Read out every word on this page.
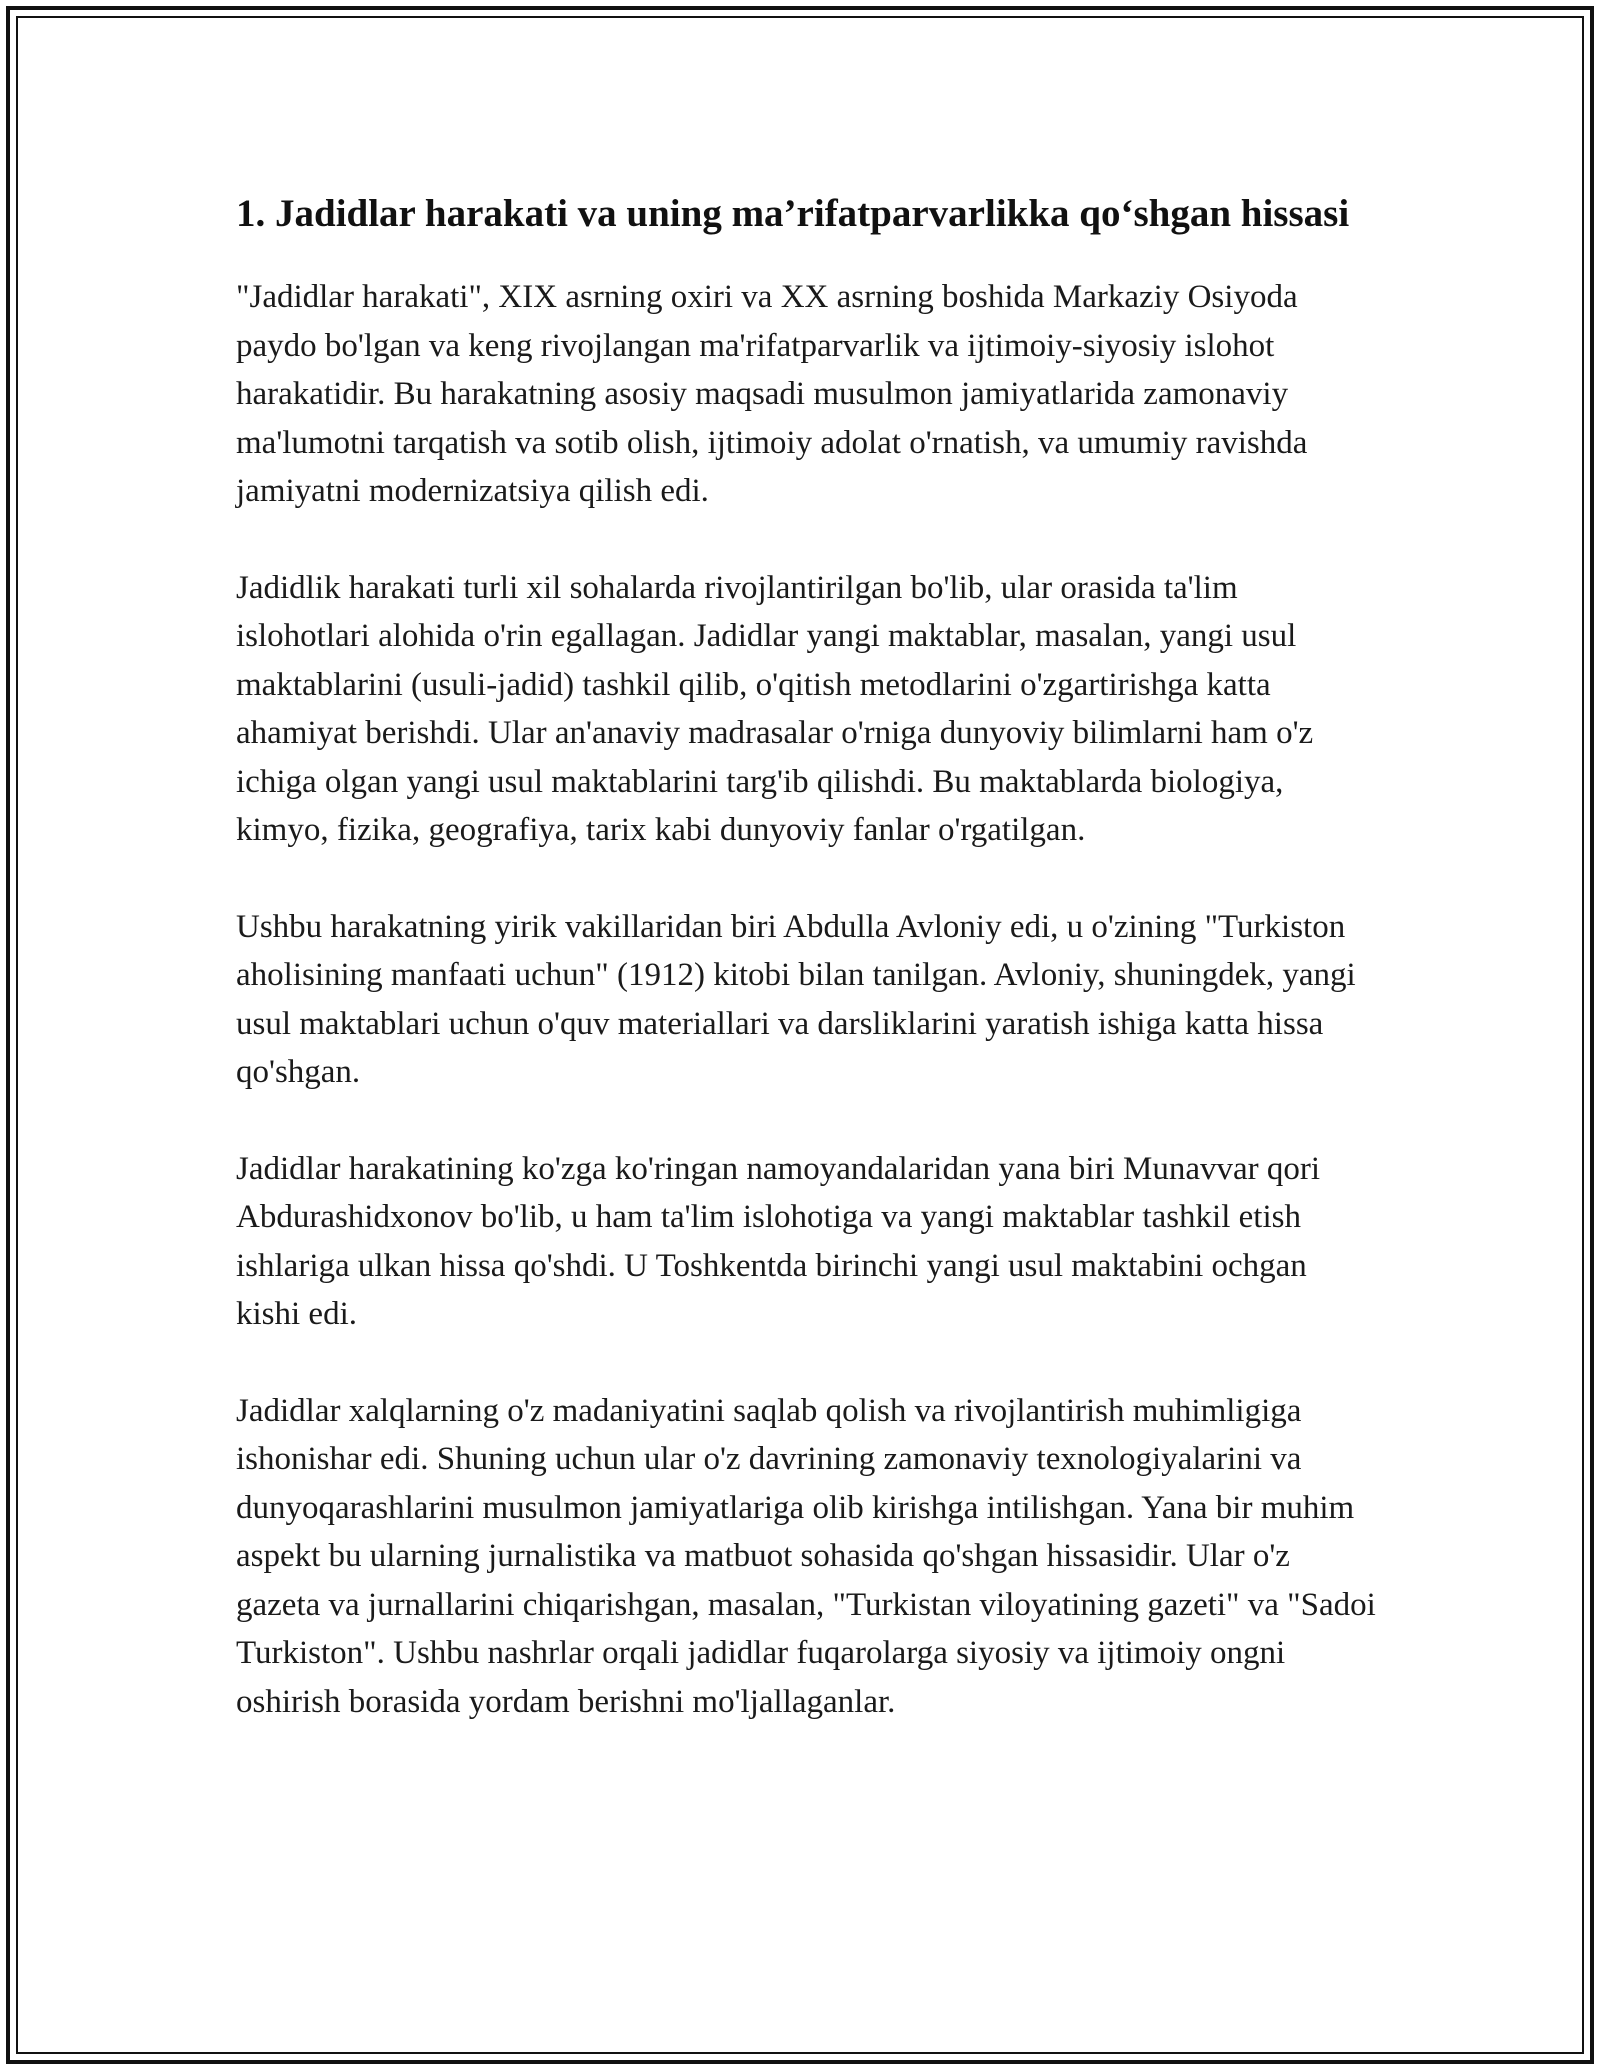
1. Jadidlar harakati va uning ma’rifatparvarlikka qo‘shgan hissasi

"Jadidlar harakati", XIX asrning oxiri va XX asrning boshida Markaziy Osiyoda paydo bo'lgan va keng rivojlangan ma'rifatparvarlik va ijtimoiy-siyosiy islohot harakatidir. Bu harakatning asosiy maqsadi musulmon jamiyatlarida zamonaviy ma'lumotni tarqatish va sotib olish, ijtimoiy adolat o'rnatish, va umumiy ravishda jamiyatni modernizatsiya qilish edi.

Jadidlik harakati turli xil sohalarda rivojlantirilgan bo'lib, ular orasida ta'lim islohotlari alohida o'rin egallagan. Jadidlar yangi maktablar, masalan, yangi usul maktablarini (usuli-jadid) tashkil qilib, o'qitish metodlarini o'zgartirishga katta ahamiyat berishdi. Ular an'anaviy madrasalar o'rniga dunyoviy bilimlarni ham o'z ichiga olgan yangi usul maktablarini targ'ib qilishdi. Bu maktablarda biologiya, kimyo, fizika, geografiya, tarix kabi dunyoviy fanlar o'rgatilgan.

Ushbu harakatning yirik vakillaridan biri Abdulla Avloniy edi, u o'zining "Turkiston aholisining manfaati uchun" (1912) kitobi bilan tanilgan. Avloniy, shuningdek, yangi usul maktablari uchun o'quv materiallari va darsliklarini yaratish ishiga katta hissa qo'shgan.

Jadidlar harakatining ko'zga ko'ringan namoyandalaridan yana biri Munavvar qori Abdurashidxonov bo'lib, u ham ta'lim islohotiga va yangi maktablar tashkil etish ishlariga ulkan hissa qo'shdi. U Toshkentda birinchi yangi usul maktabini ochgan kishi edi.

Jadidlar xalqlarning o'z madaniyatini saqlab qolish va rivojlantirish muhimligiga ishonishar edi. Shuning uchun ular o'z davrining zamonaviy texnologiyalarini va dunyoqarashlarini musulmon jamiyatlariga olib kirishga intilishgan. Yana bir muhim aspekt bu ularning jurnalistika va matbuot sohasida qo'shgan hissasidir. Ular o'z gazeta va jurnallarini chiqarishgan, masalan, "Turkistan viloyatining gazeti" va "Sadoi Turkiston". Ushbu nashrlar orqali jadidlar fuqarolarga siyosiy va ijtimoiy ongni oshirish borasida yordam berishni mo'ljallaganlar.
